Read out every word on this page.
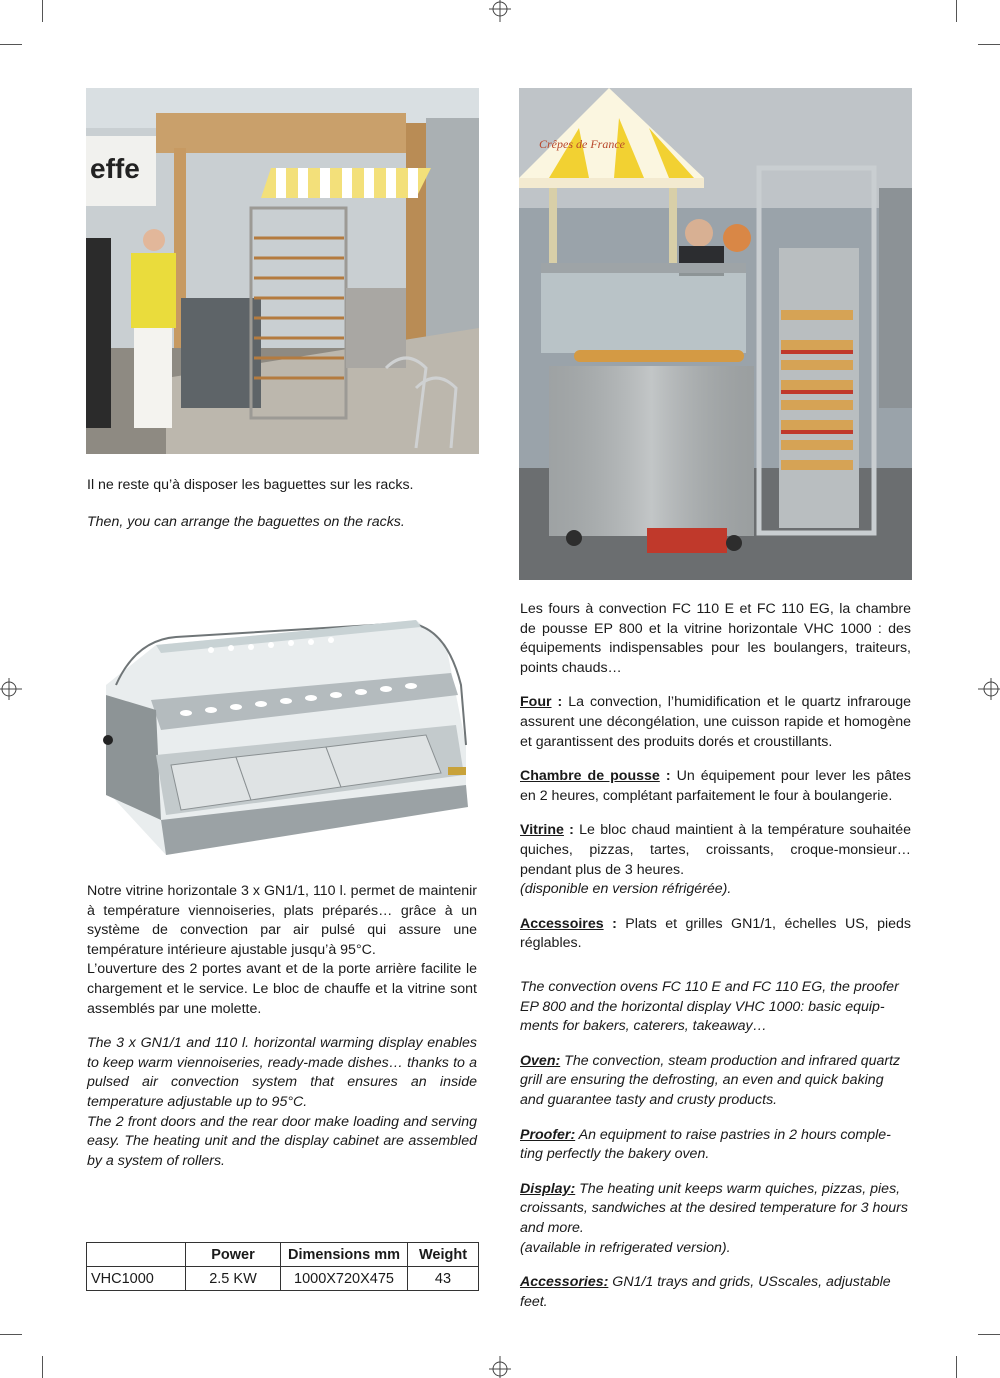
effe
Crêpes de France

Il ne reste qu’à disposer les baguettes sur les racks.

Then, you can arrange the baguettes on the racks.

Notre vitrine horizontale 3 x GN1/1, 110 l. permet de maintenir à température viennoiseries, plats préparés… grâce à un système de convection par air pulsé qui assure une température intérieure ajustable jusqu’à 95°C.

L’ouverture des 2 portes avant et de la porte arrière facilite le chargement et le service. Le bloc de chauffe et la vitrine sont assemblés par une molette.

The 3 x GN1/1 and 110 l. horizontal warming display enables to keep warm viennoiseries, ready-made dishes… thanks to a pulsed air convection system that ensures an inside temperature adjustable up to 95°C.

The 2 front doors and the rear door make loading and serving easy. The heating unit and the display cabinet are assembled by a system of rollers.

	Power	Dimensions mm	Weight
VHC1000	2.5 KW	1000X720X475	43

Les fours à convection FC 110 E et FC 110 EG, la chambre de pousse EP 800 et la vitrine horizontale VHC 1000 : des équipements indispensables pour les boulangers, traiteurs, points chauds…

Four : La convection, l’humidification et le quartz infrarouge assurent une décongélation, une cuisson rapide et homogène et garantissent des produits dorés et croustillants.

Chambre de pousse : Un équipement pour lever les pâtes en 2 heures, complétant parfaitement le four à boulangerie.

Vitrine : Le bloc chaud maintient à la température souhaitée quiches, pizzas, tartes, croissants, croque-monsieur… pendant plus de 3 heures.

(disponible en version réfrigérée).

Accessoires : Plats et grilles GN1/1, échelles US, pieds réglables.

The convection ovens FC 110 E and FC 110 EG, the proofer EP 800 and the horizontal display VHC 1000: basic equip-ments for bakers, caterers, takeaway…

Oven: The convection, steam production and infrared quartz grill are ensuring the defrosting, an even and quick baking and guarantee tasty and crusty products.

Proofer: An equipment to raise pastries in 2 hours comple-ting perfectly the bakery oven.

Display: The heating unit keeps warm quiches, pizzas, pies, croissants, sandwiches at the desired temperature for 3 hours and more.

(available in refrigerated version).

Accessories: GN1/1 trays and grids, USscales, adjustable feet.
